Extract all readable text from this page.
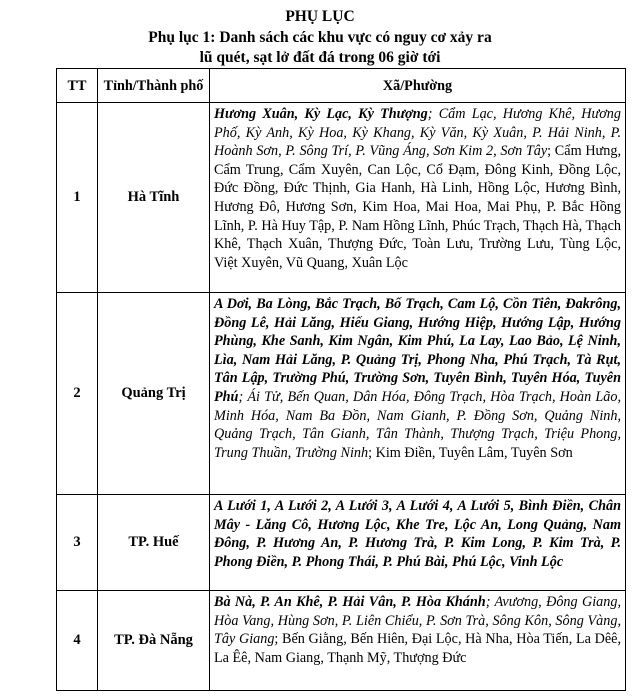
PHỤ LỤC
Phụ lục 1: Danh sách các khu vực có nguy cơ xảy ra
lũ quét, sạt lở đất đá trong 06 giờ tới
TT	Tỉnh/Thành phố	Xã/Phường
1	Hà Tĩnh	Hương Xuân, Kỳ Lạc, Kỳ Thượng; Cẩm Lạc, Hương Khê, Hương Phố, Kỳ Anh, Kỳ Hoa, Kỳ Khang, Kỳ Văn, Kỳ Xuân, P. Hải Ninh, P. Hoành Sơn, P. Sông Trí, P. Vũng Áng, Sơn Kim 2, Sơn Tây; Cẩm Hưng, Cẩm Trung, Cẩm Xuyên, Can Lộc, Cổ Đạm, Đông Kinh, Đồng Lộc, Đức Đồng, Đức Thịnh, Gia Hanh, Hà Linh, Hồng Lộc, Hương Bình, Hương Đô, Hương Sơn, Kim Hoa, Mai Hoa, Mai Phụ, P. Bắc Hồng Lĩnh, P. Hà Huy Tập, P. Nam Hồng Lĩnh, Phúc Trạch, Thạch Hà, Thạch Khê, Thạch Xuân, Thượng Đức, Toàn Lưu, Trường Lưu, Tùng Lộc, Việt Xuyên, Vũ Quang, Xuân Lộc
2	Quảng Trị	A Dơi, Ba Lòng, Bắc Trạch, Bố Trạch, Cam Lộ, Cồn Tiên, Đakrông, Đồng Lê, Hải Lăng, Hiếu Giang, Hướng Hiệp, Hướng Lập, Hướng Phùng, Khe Sanh, Kim Ngân, Kim Phú, La Lay, Lao Bảo, Lệ Ninh, Lìa, Nam Hải Lăng, P. Quảng Trị, Phong Nha, Phú Trạch, Tà Rụt, Tân Lập, Trường Phú, Trường Sơn, Tuyên Bình, Tuyên Hóa, Tuyên Phú; Ái Tử, Bến Quan, Dân Hóa, Đông Trạch, Hòa Trạch, Hoàn Lão, Minh Hóa, Nam Ba Đồn, Nam Gianh, P. Đồng Sơn, Quảng Ninh, Quảng Trạch, Tân Gianh, Tân Thành, Thượng Trạch, Triệu Phong, Trung Thuần, Trường Ninh; Kim Điền, Tuyên Lâm, Tuyên Sơn
3	TP. Huế	A Lưới 1, A Lưới 2, A Lưới 3, A Lưới 4, A Lưới 5, Bình Điền, Chân Mây - Lăng Cô, Hương Lộc, Khe Tre, Lộc An, Long Quảng, Nam Đông, P. Hương An, P. Hương Trà, P. Kim Long, P. Kim Trà, P. Phong Điền, P. Phong Thái, P. Phú Bài, Phú Lộc, Vinh Lộc
4	TP. Đà Nẵng	Bà Nà, P. An Khê, P. Hải Vân, P. Hòa Khánh; Avương, Đông Giang, Hòa Vang, Hùng Sơn, P. Liên Chiểu, P. Sơn Trà, Sông Kôn, Sông Vàng, Tây Giang; Bến Giằng, Bến Hiên, Đại Lộc, Hà Nha, Hòa Tiến, La Dêê, La Êê, Nam Giang, Thạnh Mỹ, Thượng Đức
